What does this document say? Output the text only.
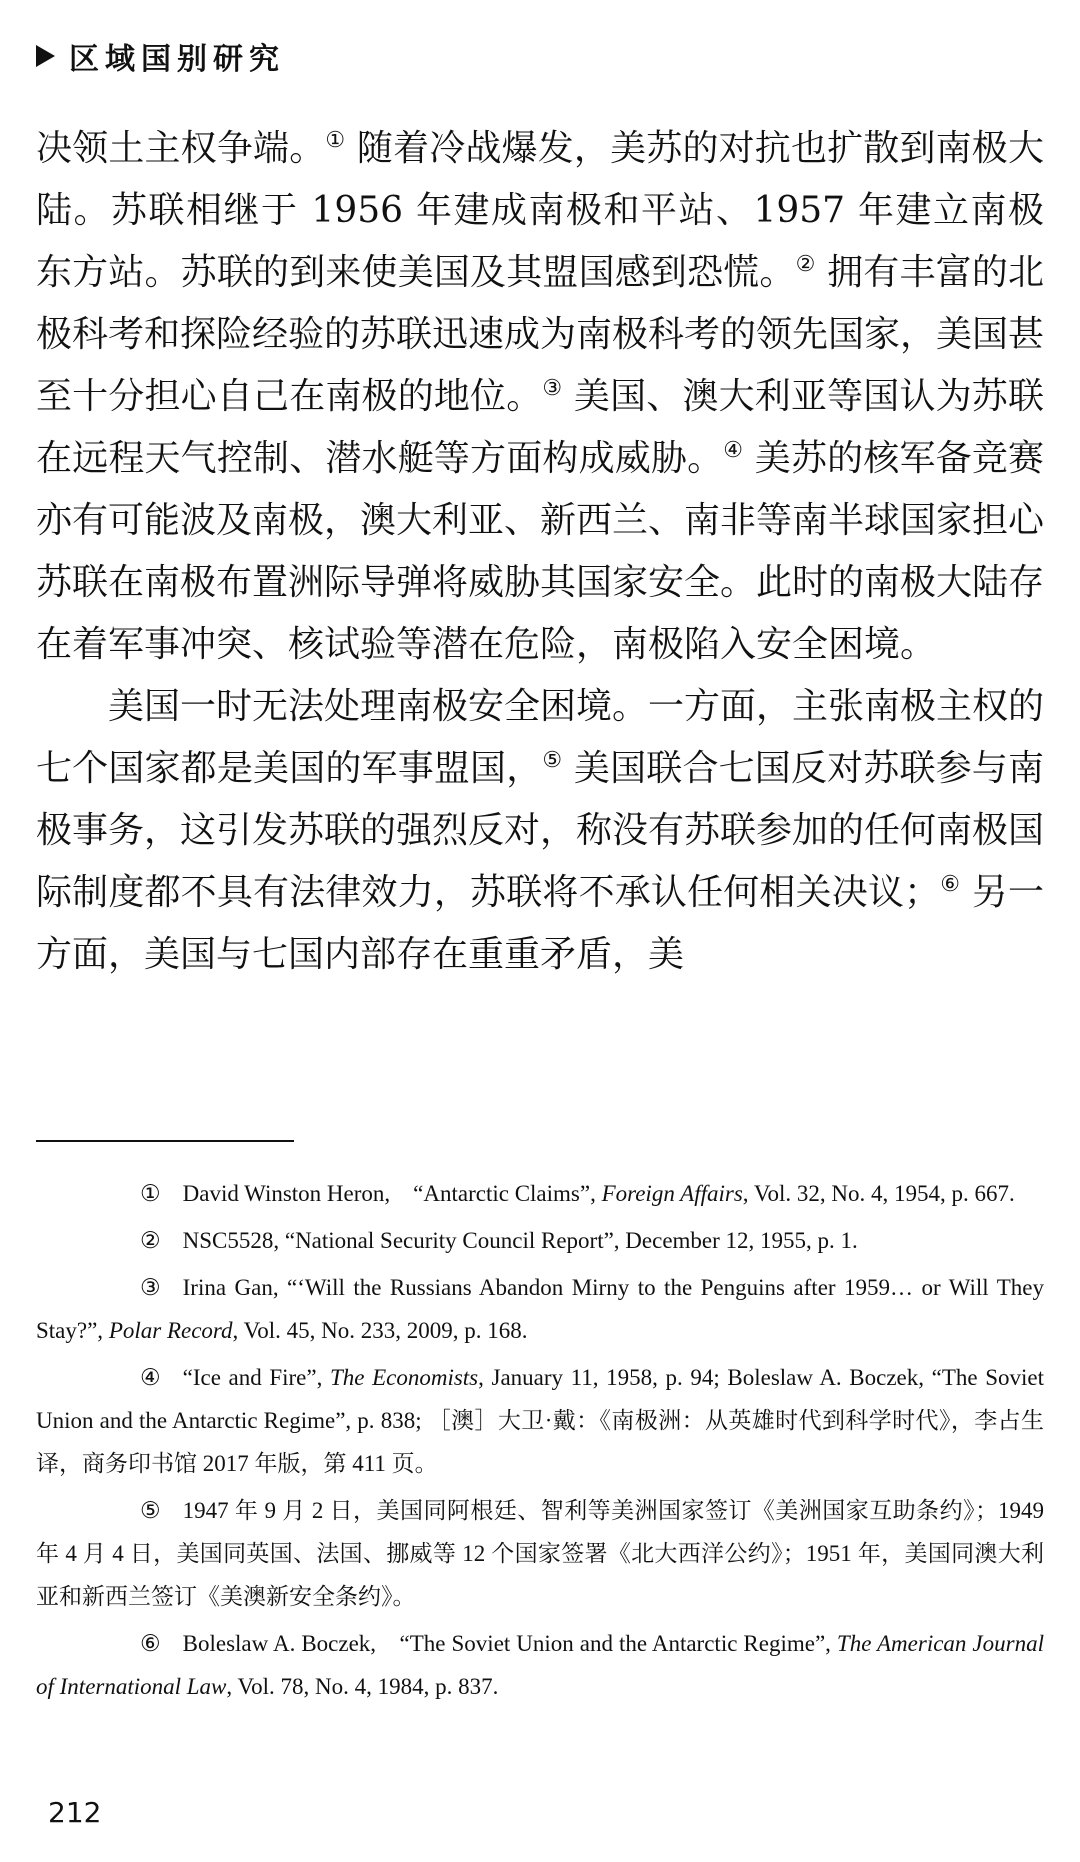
区域国别研究

决领土主权争端。① 随着冷战爆发，美苏的对抗也扩散到南极大陆。苏联相继于 1956 年建成南极和平站、1957 年建立南极东方站。苏联的到来使美国及其盟国感到恐慌。② 拥有丰富的北极科考和探险经验的苏联迅速成为南极科考的领先国家，美国甚至十分担心自己在南极的地位。③ 美国、澳大利亚等国认为苏联在远程天气控制、潜水艇等方面构成威胁。④ 美苏的核军备竞赛亦有可能波及南极，澳大利亚、新西兰、南非等南半球国家担心苏联在南极布置洲际导弹将威胁其国家安全。此时的南极大陆存在着军事冲突、核试验等潜在危险，南极陷入安全困境。

美国一时无法处理南极安全困境。一方面，主张南极主权的七个国家都是美国的军事盟国，⑤ 美国联合七国反对苏联参与南极事务，这引发苏联的强烈反对，称没有苏联参加的任何南极国际制度都不具有法律效力，苏联将不承认任何相关决议；⑥ 另一方面，美国与七国内部存在重重矛盾，美

① David Winston Heron,　“Antarctic Claims”, Foreign Affairs, Vol. 32, No. 4, 1954, p. 667.

② NSC5528, “National Security Council Report”, December 12, 1955, p. 1.

③ Irina Gan, “‘Will the Russians Abandon Mirny to the Penguins after 1959… or Will They Stay?”, Polar Record, Vol. 45, No. 233, 2009, p. 168.

④ “Ice and Fire”, The Economists, January 11, 1958, p. 94; Boleslaw A. Boczek, “The Soviet Union and the Antarctic Regime”, p. 838; ［澳］大卫·戴：《南极洲：从英雄时代到科学时代》，李占生译，商务印书馆 2017 年版，第 411 页。

⑤ 1947 年 9 月 2 日，美国同阿根廷、智利等美洲国家签订《美洲国家互助条约》；1949 年 4 月 4 日，美国同英国、法国、挪威等 12 个国家签署《北大西洋公约》；1951 年，美国同澳大利亚和新西兰签订《美澳新安全条约》。

⑥ Boleslaw A. Boczek,　“The Soviet Union and the Antarctic Regime”, The American Journal of International Law, Vol. 78, No. 4, 1984, p. 837.

212
